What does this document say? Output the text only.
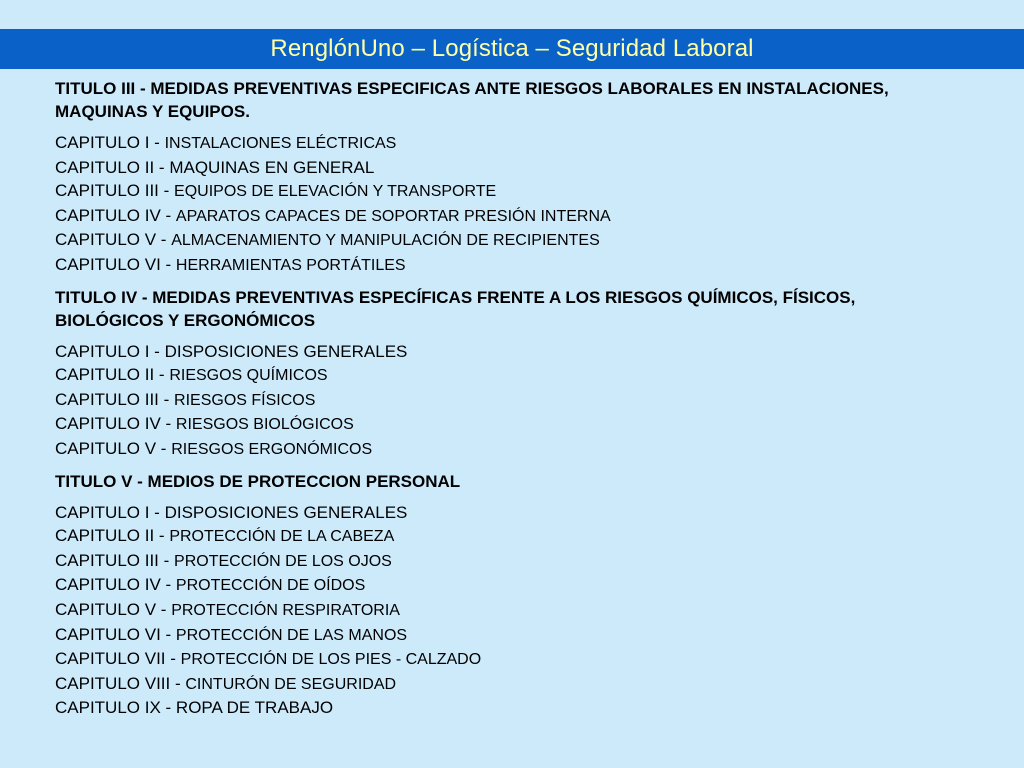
RenglónUno – Logística – Seguridad Laboral

TITULO III - MEDIDAS PREVENTIVAS ESPECIFICAS ANTE RIESGOS LABORALES EN INSTALACIONES, MAQUINAS Y EQUIPOS.

CAPITULO I - INSTALACIONES ELÉCTRICAS
CAPITULO II - MAQUINAS EN GENERAL
CAPITULO III - EQUIPOS DE ELEVACIÓN Y TRANSPORTE
CAPITULO IV - APARATOS CAPACES DE SOPORTAR PRESIÓN INTERNA
CAPITULO V - ALMACENAMIENTO Y MANIPULACIÓN DE RECIPIENTES
CAPITULO VI - HERRAMIENTAS PORTÁTILES

TITULO IV - MEDIDAS PREVENTIVAS ESPECÍFICAS FRENTE A LOS RIESGOS QUÍMICOS, FÍSICOS, BIOLÓGICOS Y ERGONÓMICOS

CAPITULO I - DISPOSICIONES GENERALES
CAPITULO II - RIESGOS QUÍMICOS
CAPITULO III - RIESGOS FÍSICOS
CAPITULO IV - RIESGOS BIOLÓGICOS
CAPITULO V - RIESGOS ERGONÓMICOS

TITULO V - MEDIOS DE PROTECCION PERSONAL

CAPITULO I - DISPOSICIONES GENERALES
CAPITULO II - PROTECCIÓN DE LA CABEZA
CAPITULO III - PROTECCIÓN DE LOS OJOS
CAPITULO IV - PROTECCIÓN DE OÍDOS
CAPITULO V - PROTECCIÓN RESPIRATORIA
CAPITULO VI - PROTECCIÓN DE LAS MANOS
CAPITULO VII - PROTECCIÓN DE LOS PIES - CALZADO
CAPITULO VIII - CINTURÓN DE SEGURIDAD
CAPITULO IX - ROPA DE TRABAJO
